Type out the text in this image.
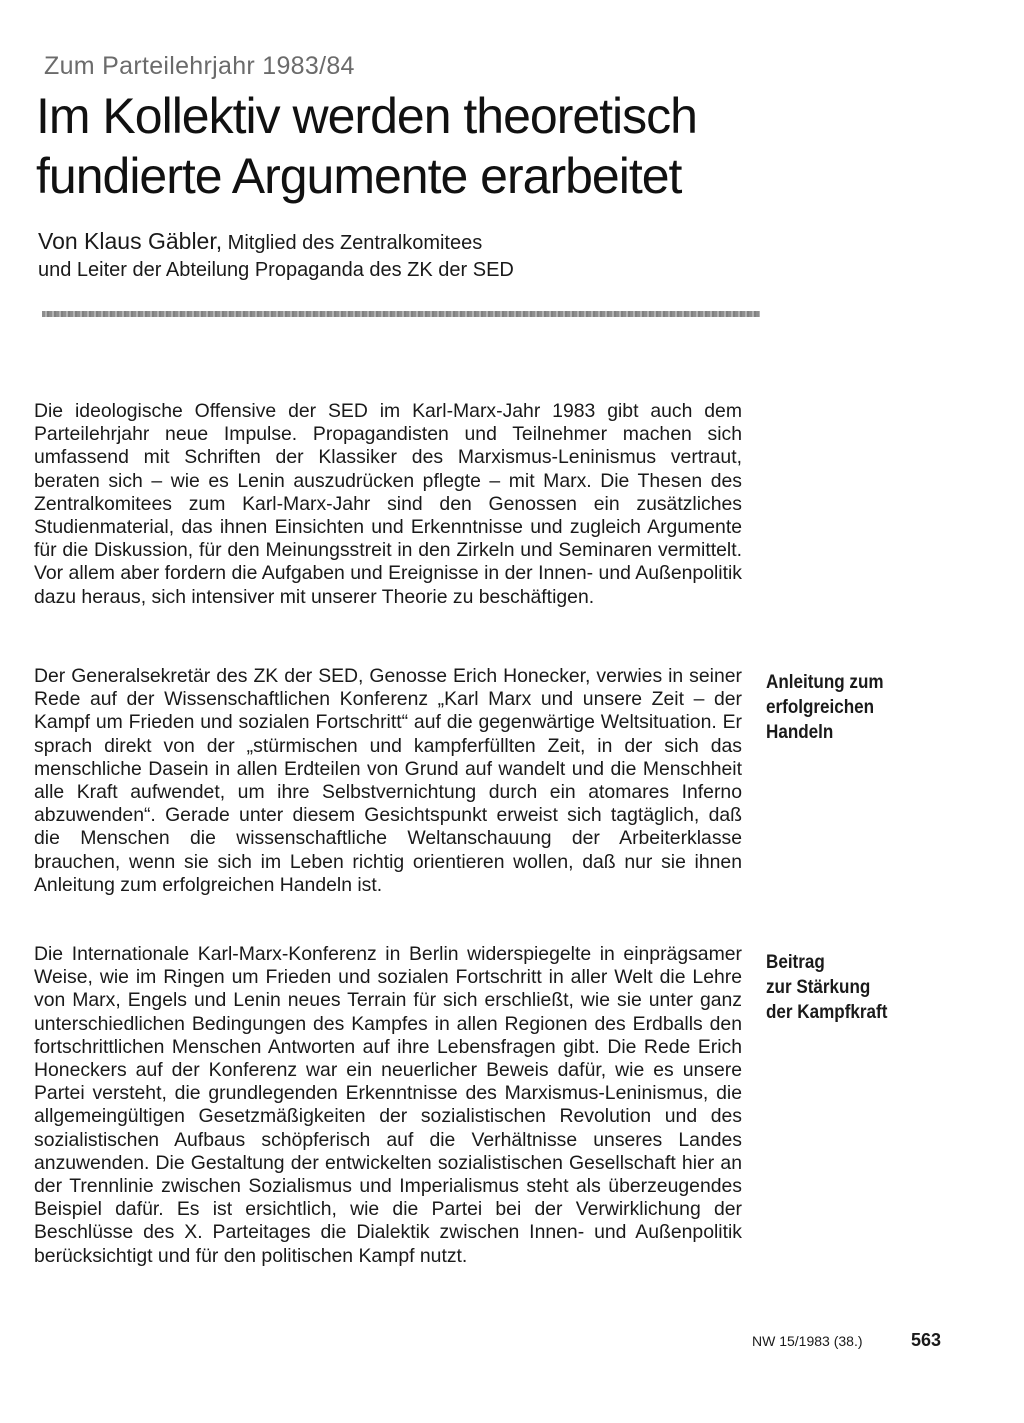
Zum Parteilehrjahr 1983/84
Im Kollektiv werden theoretisch
fundierte Argumente erarbeitet
Von Klaus Gäbler, Mitglied des Zentralkomitees
und Leiter der Abteilung Propaganda des ZK der SED

Die ideologische Offensive der SED im Karl-Marx-Jahr 1983 gibt auch dem Parteilehrjahr neue Impulse. Propagandisten und Teilnehmer machen sich umfassend mit Schriften der Klassiker des Marxismus-Leninismus vertraut, beraten sich – wie es Lenin auszudrücken pflegte – mit Marx. Die Thesen des Zentralkomitees zum Karl-Marx-Jahr sind den Genossen ein zusätzliches Studienmaterial, das ihnen Einsichten und Erkenntnisse und zugleich Argumente für die Diskussion, für den Meinungsstreit in den Zirkeln und Seminaren vermittelt. Vor allem aber fordern die Aufgaben und Ereignisse in der Innen- und Außenpolitik dazu heraus, sich intensiver mit unserer Theorie zu beschäftigen.

Der Generalsekretär des ZK der SED, Genosse Erich Honecker, verwies in seiner Rede auf der Wissenschaftlichen Konferenz „Karl Marx und unsere Zeit – der Kampf um Frieden und sozialen Fortschritt“ auf die gegenwärtige Weltsituation. Er sprach direkt von der „stürmischen und kampferfüllten Zeit, in der sich das menschliche Dasein in allen Erdteilen von Grund auf wandelt und die Menschheit alle Kraft aufwendet, um ihre Selbstvernichtung durch ein atomares Inferno abzuwenden“. Gerade unter diesem Gesichtspunkt erweist sich tagtäglich, daß die Menschen die wissenschaftliche Weltanschauung der Arbeiterklasse brauchen, wenn sie sich im Leben richtig orientieren wollen, daß nur sie ihnen Anleitung zum erfolgreichen Handeln ist.

Die Internationale Karl-Marx-Konferenz in Berlin widerspiegelte in einprägsamer Weise, wie im Ringen um Frieden und sozialen Fortschritt in aller Welt die Lehre von Marx, Engels und Lenin neues Terrain für sich erschließt, wie sie unter ganz unterschiedlichen Bedingungen des Kampfes in allen Regionen des Erdballs den fortschrittlichen Menschen Antworten auf ihre Lebensfragen gibt. Die Rede Erich Honeckers auf der Konferenz war ein neuerlicher Beweis dafür, wie es unsere Partei versteht, die grundlegenden Erkenntnisse des Marxismus-Leninismus, die allgemeingültigen Gesetzmäßigkeiten der sozialistischen Revolution und des sozialistischen Aufbaus schöpferisch auf die Verhältnisse unseres Landes anzuwenden. Die Gestaltung der entwickelten sozialistischen Gesellschaft hier an der Trennlinie zwischen Sozialismus und Imperialismus steht als überzeugendes Beispiel dafür. Es ist ersichtlich, wie die Partei bei der Verwirklichung der Beschlüsse des X. Parteitages die Dialektik zwischen Innen- und Außenpolitik berücksichtigt und für den politischen Kampf nutzt.

Anleitung zum
erfolgreichen
Handeln
Beitrag
zur Stärkung
der Kampfkraft
NW 15/1983 (38.)	563
